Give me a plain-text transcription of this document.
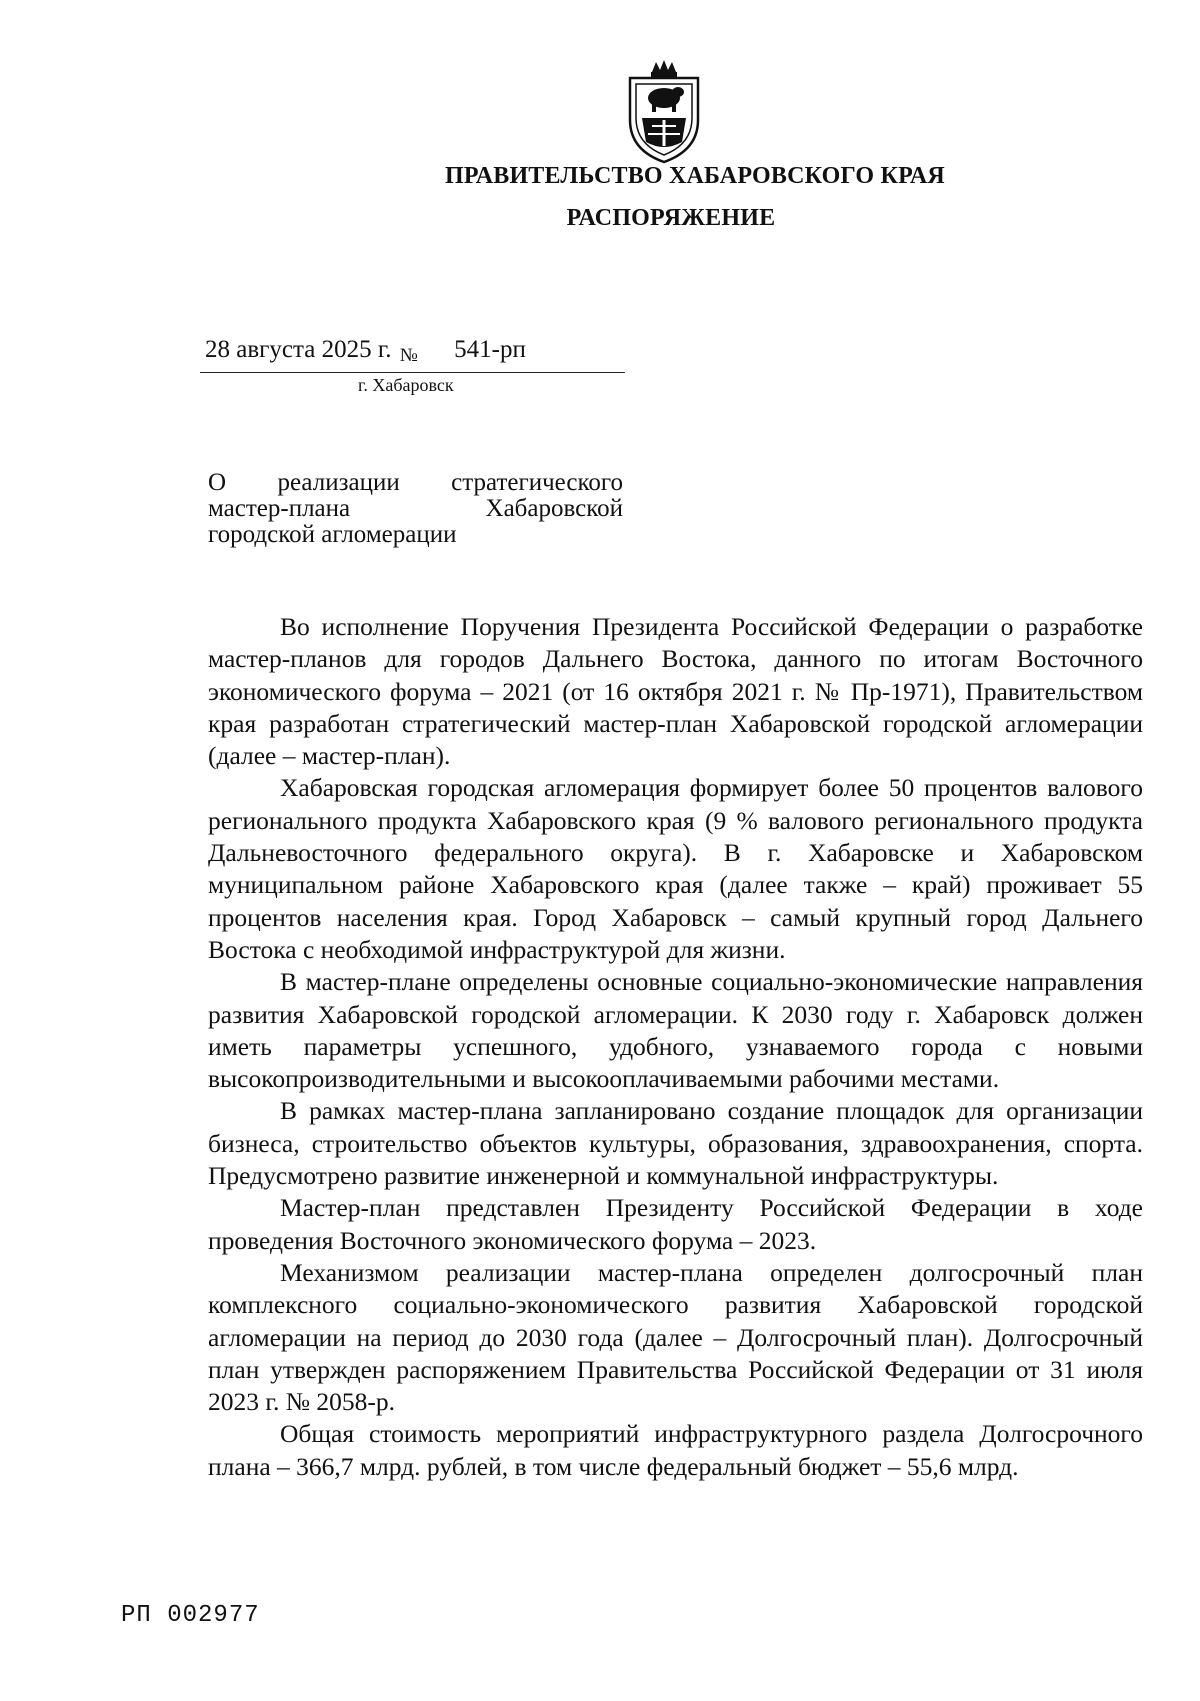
ПРАВИТЕЛЬСТВО ХАБАРОВСКОГО КРАЯ
РАСПОРЯЖЕНИЕ
28 августа 2025 г. № 541-рп
г. Хабаровск
О реализации стратегического
мастер-плана Хабаровской
городской агломерации

Во исполнение Поручения Президента Российской Федерации о разработке мастер-планов для городов Дальнего Востока, данного по итогам Восточного экономического форума – 2021 (от 16 октября 2021 г. № Пр-1971), Правительством края разработан стратегический мастер-план Хабаровской городской агломерации (далее – мастер-план).

Хабаровская городская агломерация формирует более 50 процентов валового регионального продукта Хабаровского края (9 % валового регионального продукта Дальневосточного федерального округа). В г. Хабаровске и Хабаровском муниципальном районе Хабаровского края (далее также – край) проживает 55 процентов населения края. Город Хабаровск – самый крупный город Дальнего Востока с необходимой инфраструктурой для жизни.

В мастер-плане определены основные социально-экономические направления развития Хабаровской городской агломерации. К 2030 году г. Хабаровск должен иметь параметры успешного, удобного, узнаваемого города с новыми высокопроизводительными и высокооплачиваемыми рабочими местами.

В рамках мастер-плана запланировано создание площадок для организации бизнеса, строительство объектов культуры, образования, здравоохранения, спорта. Предусмотрено развитие инженерной и коммунальной инфраструктуры.

Мастер-план представлен Президенту Российской Федерации в ходе проведения Восточного экономического форума – 2023.

Механизмом реализации мастер-плана определен долгосрочный план комплексного социально-экономического развития Хабаровской городской агломерации на период до 2030 года (далее – Долгосрочный план). Долгосрочный план утвержден распоряжением Правительства Российской Федерации от 31 июля 2023 г. № 2058-р.

Общая стоимость мероприятий инфраструктурного раздела Долгосрочного плана – 366,7 млрд. рублей, в том числе федеральный бюджет – 55,6 млрд.

РП 002977
